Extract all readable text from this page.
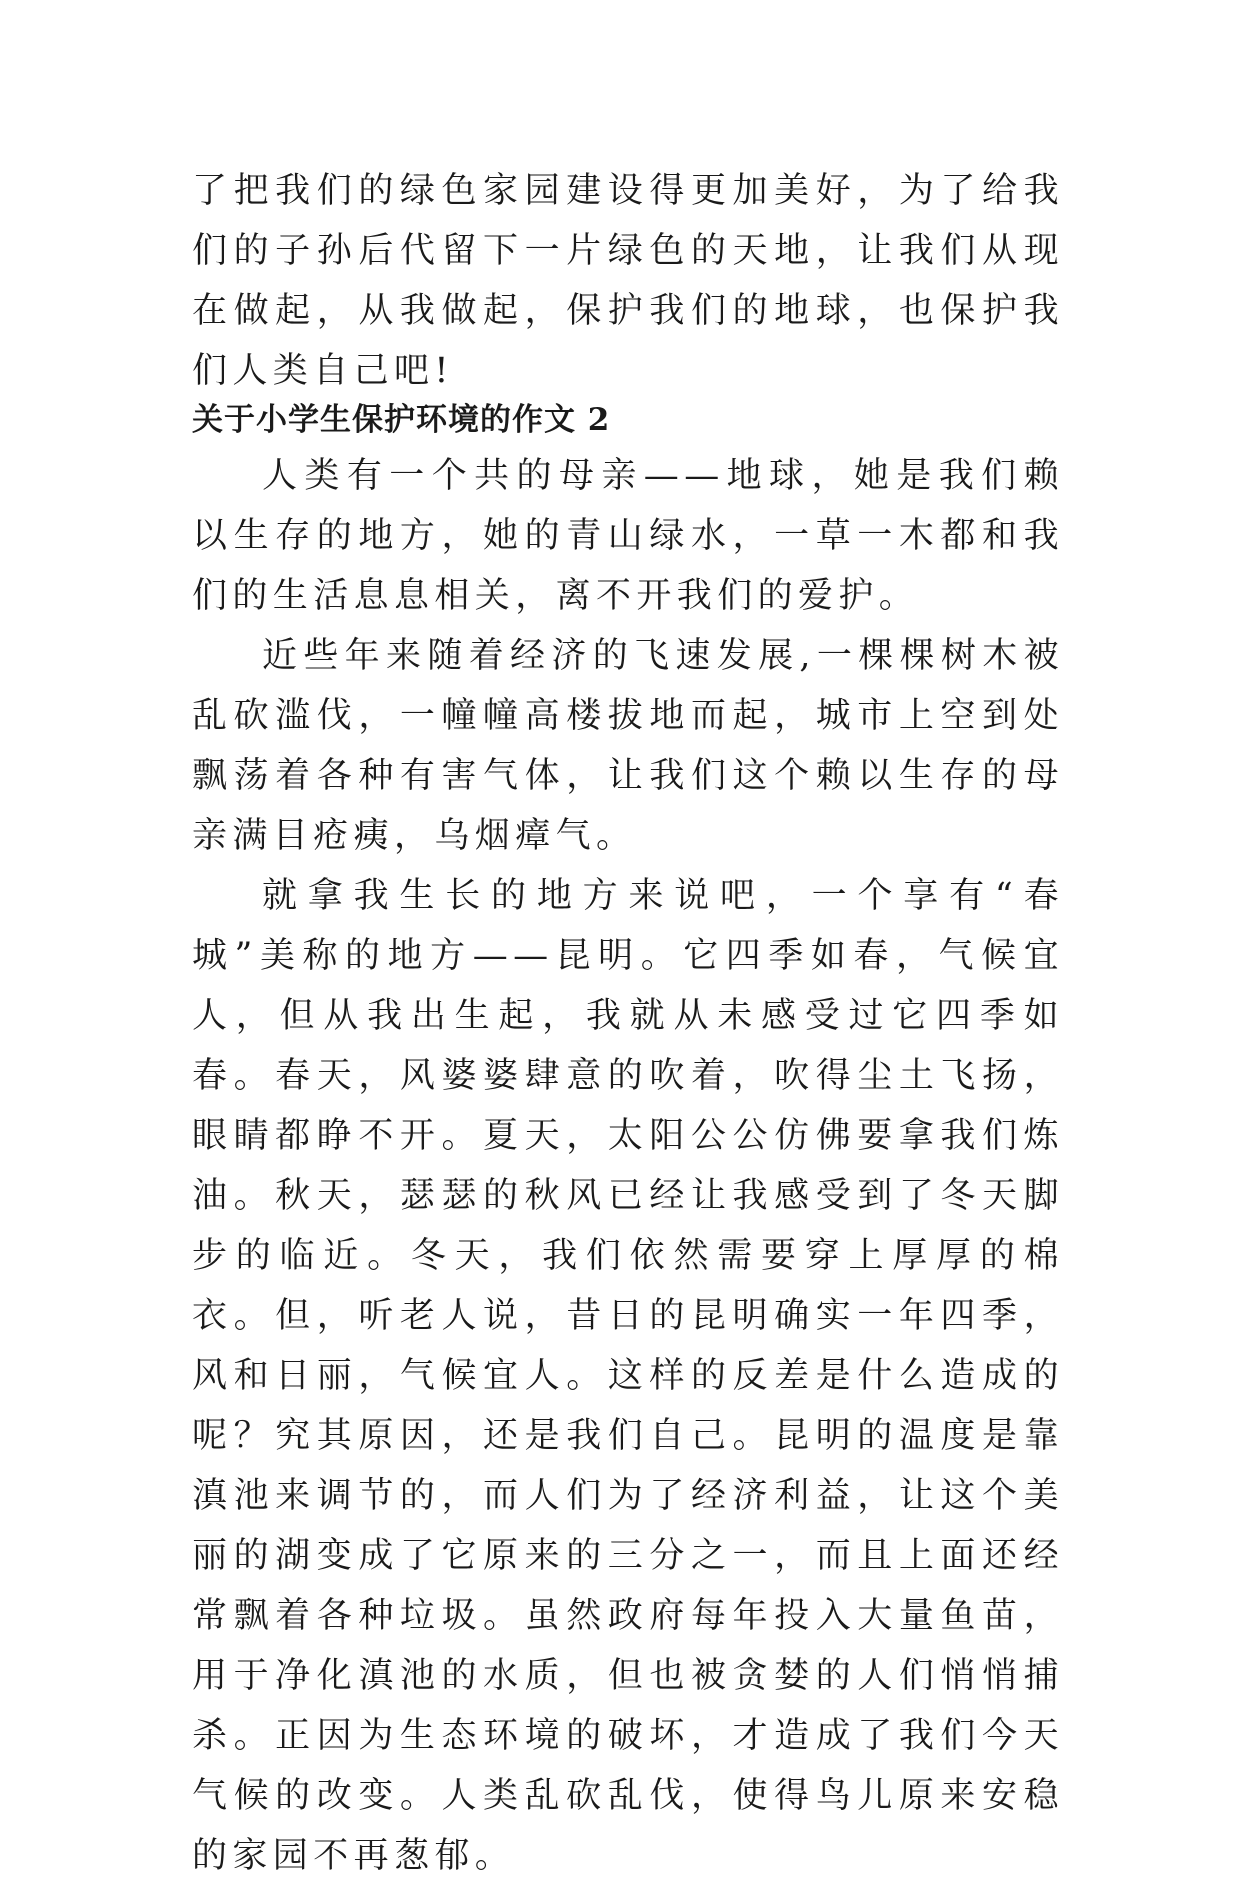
了把我们的绿色家园建设得更加美好，为了给我们的子孙后代留下一片绿色的天地，让我们从现在做起，从我做起，保护我们的地球，也保护我们人类自己吧!

关于小学生保护环境的作文 2

人类有一个共的母亲——地球，她是我们赖以生存的地方，她的青山绿水，一草一木都和我们的生活息息相关，离不开我们的爱护。

近些年来随着经济的飞速发展,一棵棵树木被乱砍滥伐，一幢幢高楼拔地而起，城市上空到处飘荡着各种有害气体，让我们这个赖以生存的母亲满目疮痍，乌烟瘴气。

就拿我生长的地方来说吧，一个享有“春城”美称的地方——昆明。它四季如春，气候宜人，但从我出生起，我就从未感受过它四季如春。春天，风婆婆肆意的吹着，吹得尘土飞扬，眼睛都睁不开。夏天，太阳公公仿佛要拿我们炼油。秋天，瑟瑟的秋风已经让我感受到了冬天脚步的临近。冬天，我们依然需要穿上厚厚的棉衣。但，听老人说，昔日的昆明确实一年四季，风和日丽，气候宜人。这样的反差是什么造成的呢？究其原因，还是我们自己。昆明的温度是靠滇池来调节的，而人们为了经济利益，让这个美丽的湖变成了它原来的三分之一，而且上面还经常飘着各种垃圾。虽然政府每年投入大量鱼苗，用于净化滇池的水质，但也被贪婪的人们悄悄捕杀。正因为生态环境的破坏，才造成了我们今天气候的改变。人类乱砍乱伐，使得鸟儿原来安稳的家园不再葱郁。
